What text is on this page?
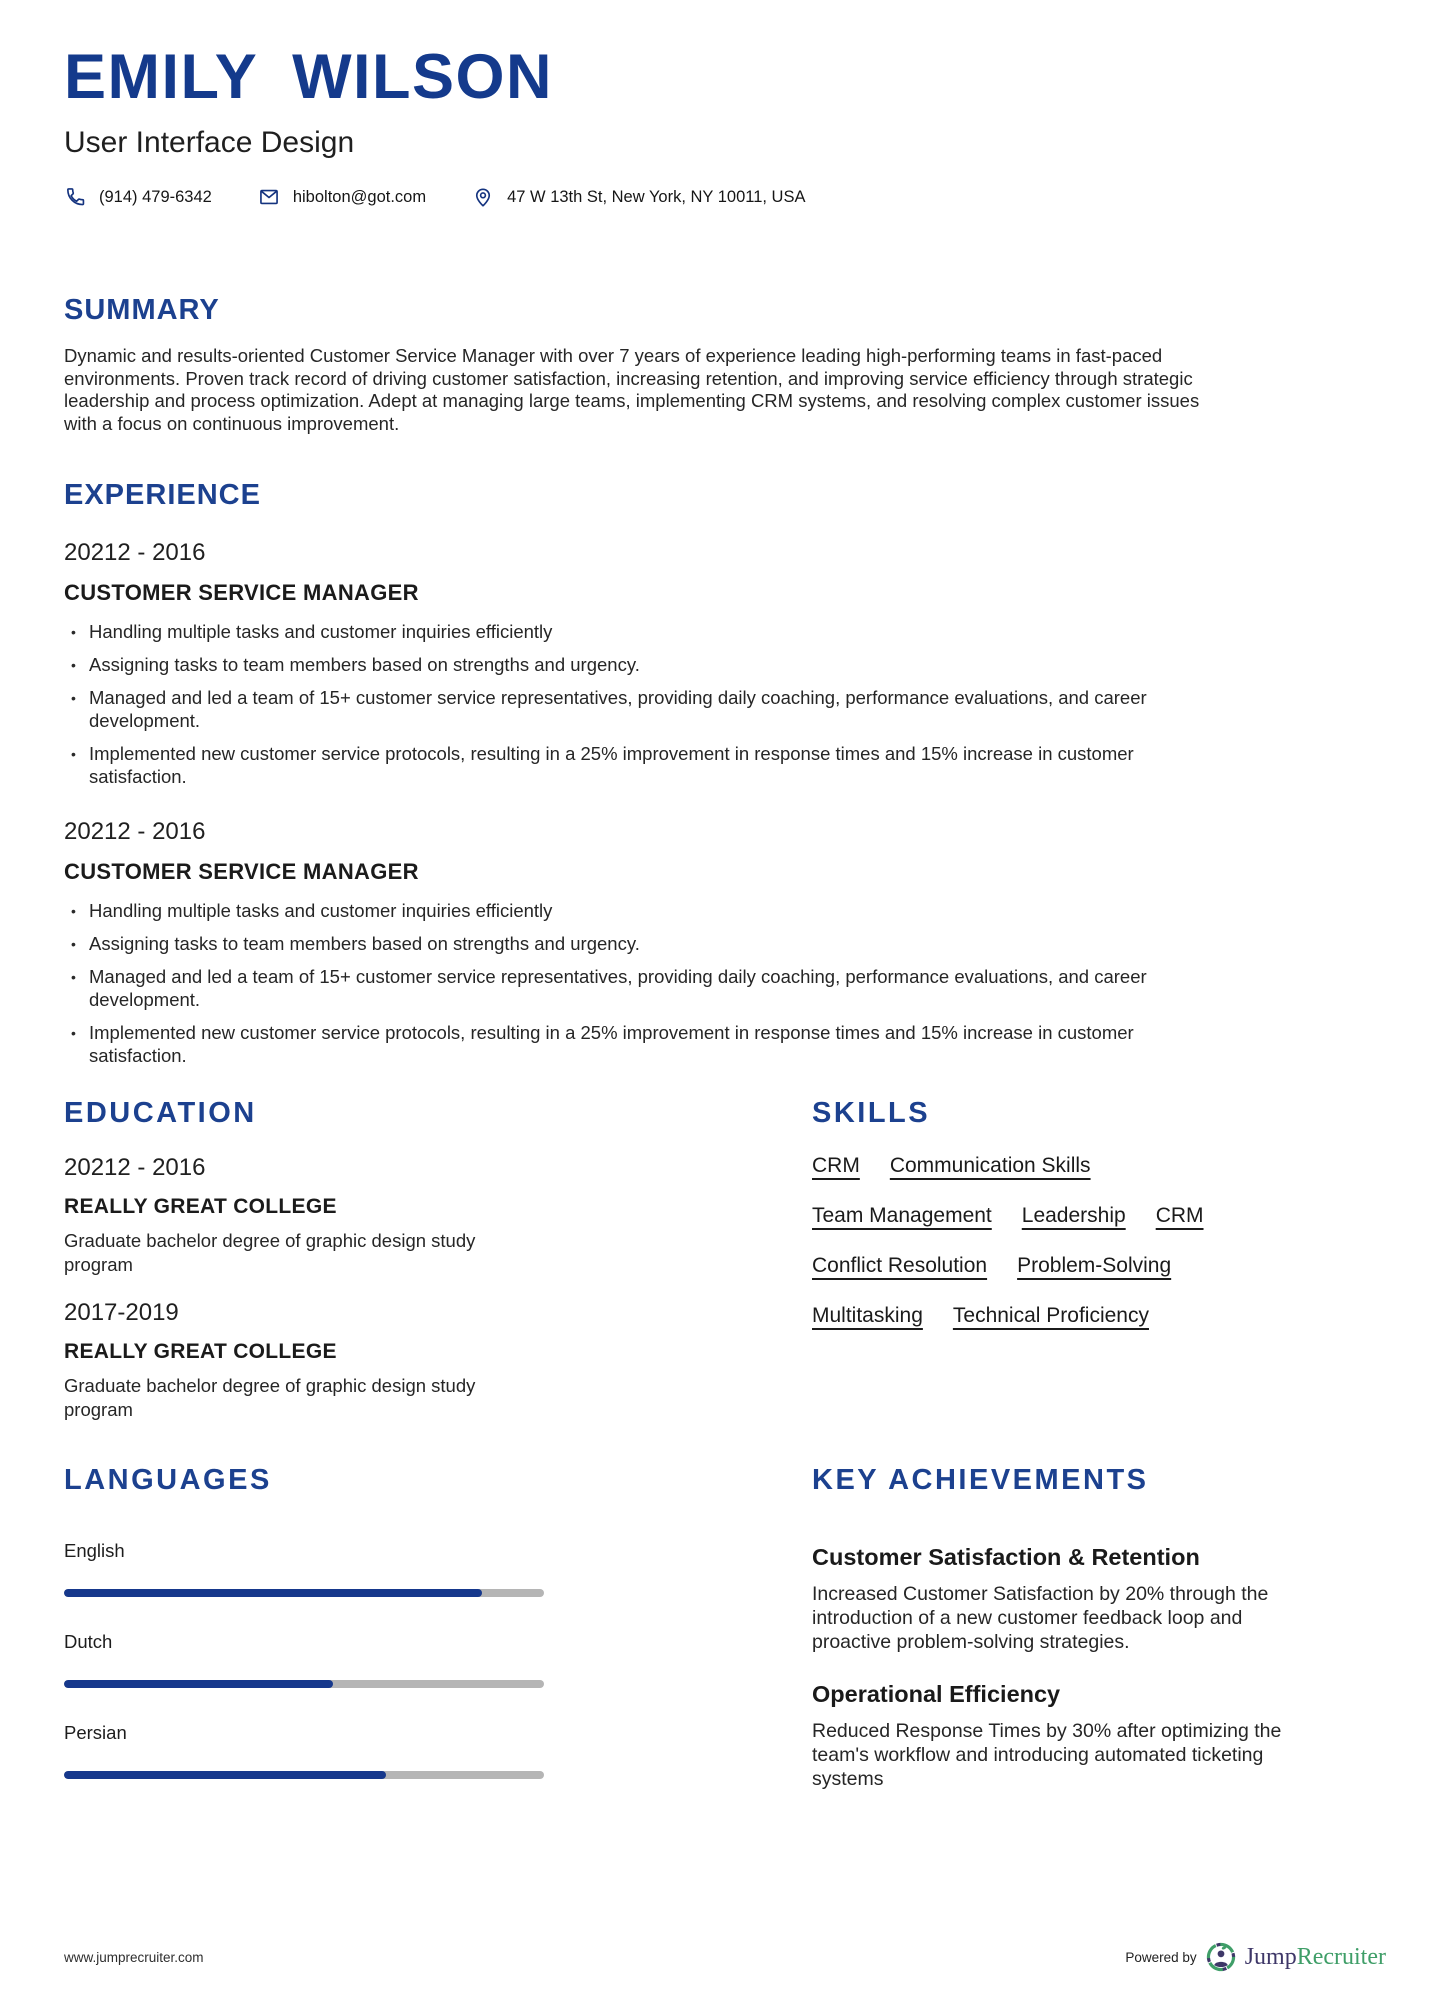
EMILY WILSON
User Interface Design
(914) 479-6342	hibolton@got.com	47 W 13th St, New York, NY 10011, USA
SUMMARY

Dynamic and results-oriented Customer Service Manager with over 7 years of experience leading high-performing teams in fast-paced environments. Proven track record of driving customer satisfaction, increasing retention, and improving service efficiency through strategic leadership and process optimization. Adept at managing large teams, implementing CRM systems, and resolving complex customer issues with a focus on continuous improvement.

EXPERIENCE
20212 - 2016
CUSTOMER SERVICE MANAGER
• Handling multiple tasks and customer inquiries efficiently
• Assigning tasks to team members based on strengths and urgency.
• Managed and led a team of 15+ customer service representatives, providing daily coaching, performance evaluations, and career development.
• Implemented new customer service protocols, resulting in a 25% improvement in response times and 15% increase in customer satisfaction.
20212 - 2016
CUSTOMER SERVICE MANAGER
• Handling multiple tasks and customer inquiries efficiently
• Assigning tasks to team members based on strengths and urgency.
• Managed and led a team of 15+ customer service representatives, providing daily coaching, performance evaluations, and career development.
• Implemented new customer service protocols, resulting in a 25% improvement in response times and 15% increase in customer satisfaction.
EDUCATION
20212 - 2016
REALLY GREAT COLLEGE
Graduate bachelor degree of graphic design study program
2017-2019
REALLY GREAT COLLEGE
Graduate bachelor degree of graphic design study program
SKILLS
CRM Communication Skills
Team Management Leadership CRM
Conflict Resolution Problem-Solving
Multitasking Technical Proficiency
LANGUAGES
English
Dutch
Persian
KEY ACHIEVEMENTS
Customer Satisfaction & Retention
Increased Customer Satisfaction by 20% through the introduction of a new customer feedback loop and proactive problem-solving strategies.
Operational Efficiency
Reduced Response Times by 30% after optimizing the team's workflow and introducing automated ticketing systems
www.jumprecruiter.com	Powered by JumpRecruiter
